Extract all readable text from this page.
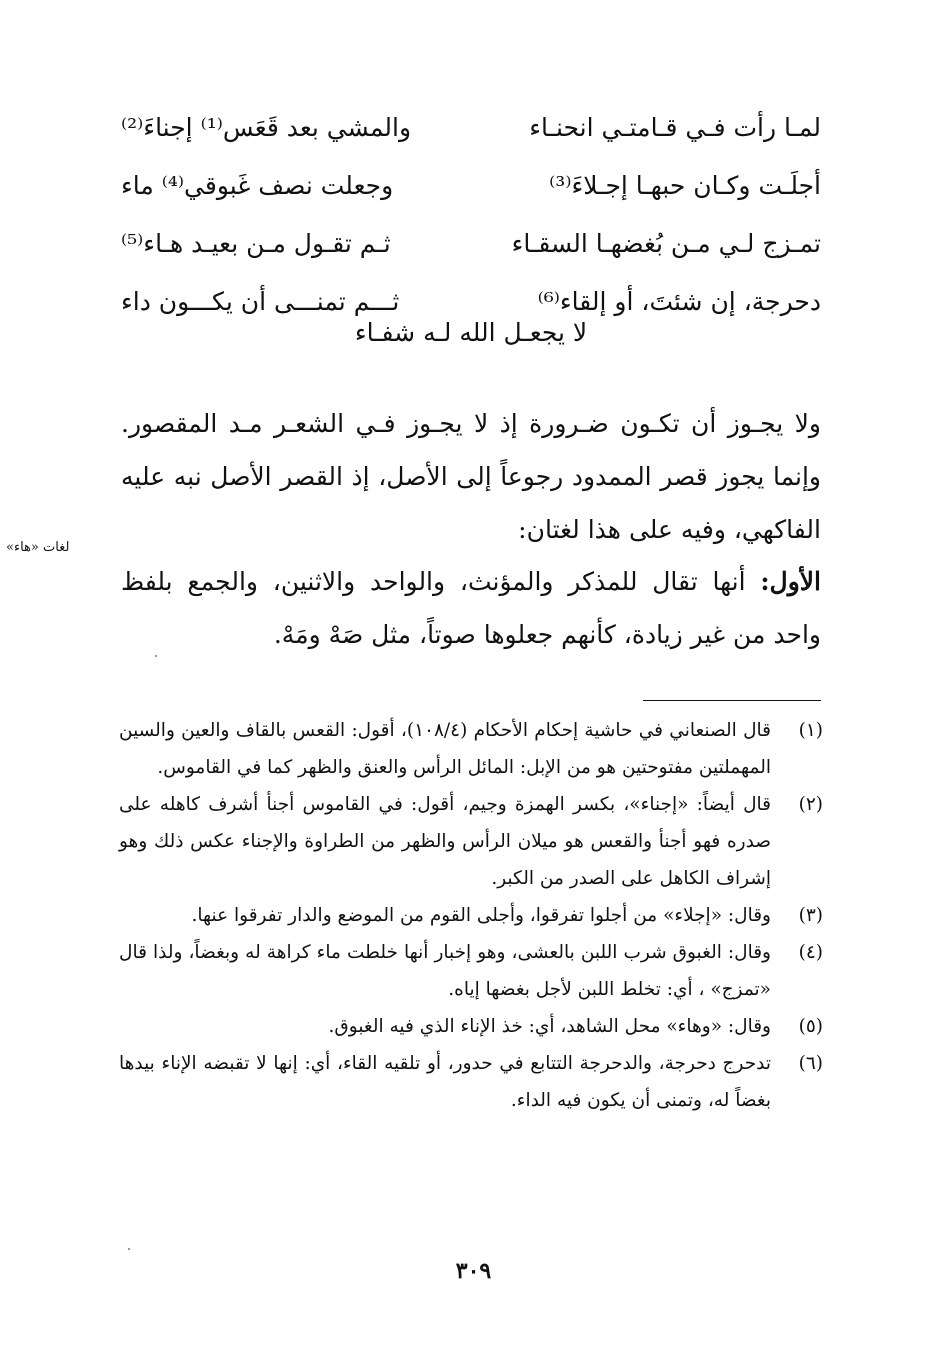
لمـا رأت فـي قـامتـي انحنـاء
والمشي بعد قَعَس⁽¹⁾ إجناءَ⁽²⁾
أجلَـت وكـان حبهـا إجـلاءَ⁽³⁾
وجعلت نصف غَبوقي⁽⁴⁾ ماء
تمـزج لـي مـن بُغضهـا السقـاء
ثـم تقـول مـن بعيـد هـاء⁽⁵⁾
دحرجة، إن شئتَ، أو إلقاء⁽⁶⁾
ثـــم تمنـــى أن يكـــون داء
لا يجعـل الله لـه شفـاء

ولا يجـوز أن تكـون ضـرورة إذ لا يجـوز فـي الشعـر مـد المقصور. وإنما يجوز قصر الممدود رجوعاً إلى الأصل، إذ القصر الأصل نبه عليه الفاكهي، وفيه على هذا لغتان:

الأول: أنها تقال للمذكر والمؤنث، والواحد والاثنين، والجمع بلفظ واحد من غير زيادة، كأنهم جعلوها صوتاً، مثل صَهْ ومَهْ.

لغات «هاء»
(١)
قال الصنعاني في حاشية إحكام الأحكام (١٠٨/٤)، أقول: القعس بالقاف والعين والسين المهملتين مفتوحتين هو من الإبل: المائل الرأس والعنق والظهر كما في القاموس.
(٢)
قال أيضاً: «إجناء»، بكسر الهمزة وجيم، أقول: في القاموس أجنأ أشرف كاهله على صدره فهو أجنأ والقعس هو ميلان الرأس والظهر من الطراوة والإجناء عكس ذلك وهو إشراف الكاهل على الصدر من الكبر.
(٣)
وقال: «إجلاء» من أجلوا تفرقوا، وأجلى القوم من الموضع والدار تفرقوا عنها.
(٤)
وقال: الغبوق شرب اللبن بالعشى، وهو إخبار أنها خلطت ماء كراهة له وبغضاً، ولذا قال «تمزج» ، أي: تخلط اللبن لأجل بغضها إياه.
(٥)
وقال: «وهاء» محل الشاهد، أي: خذ الإناء الذي فيه الغبوق.
(٦)
تدحرج دحرجة، والدحرجة التتابع في حدور، أو تلقيه القاء، أي: إنها لا تقبضه الإناء بيدها بغضاً له، وتمنى أن يكون فيه الداء.
٣٠٩
